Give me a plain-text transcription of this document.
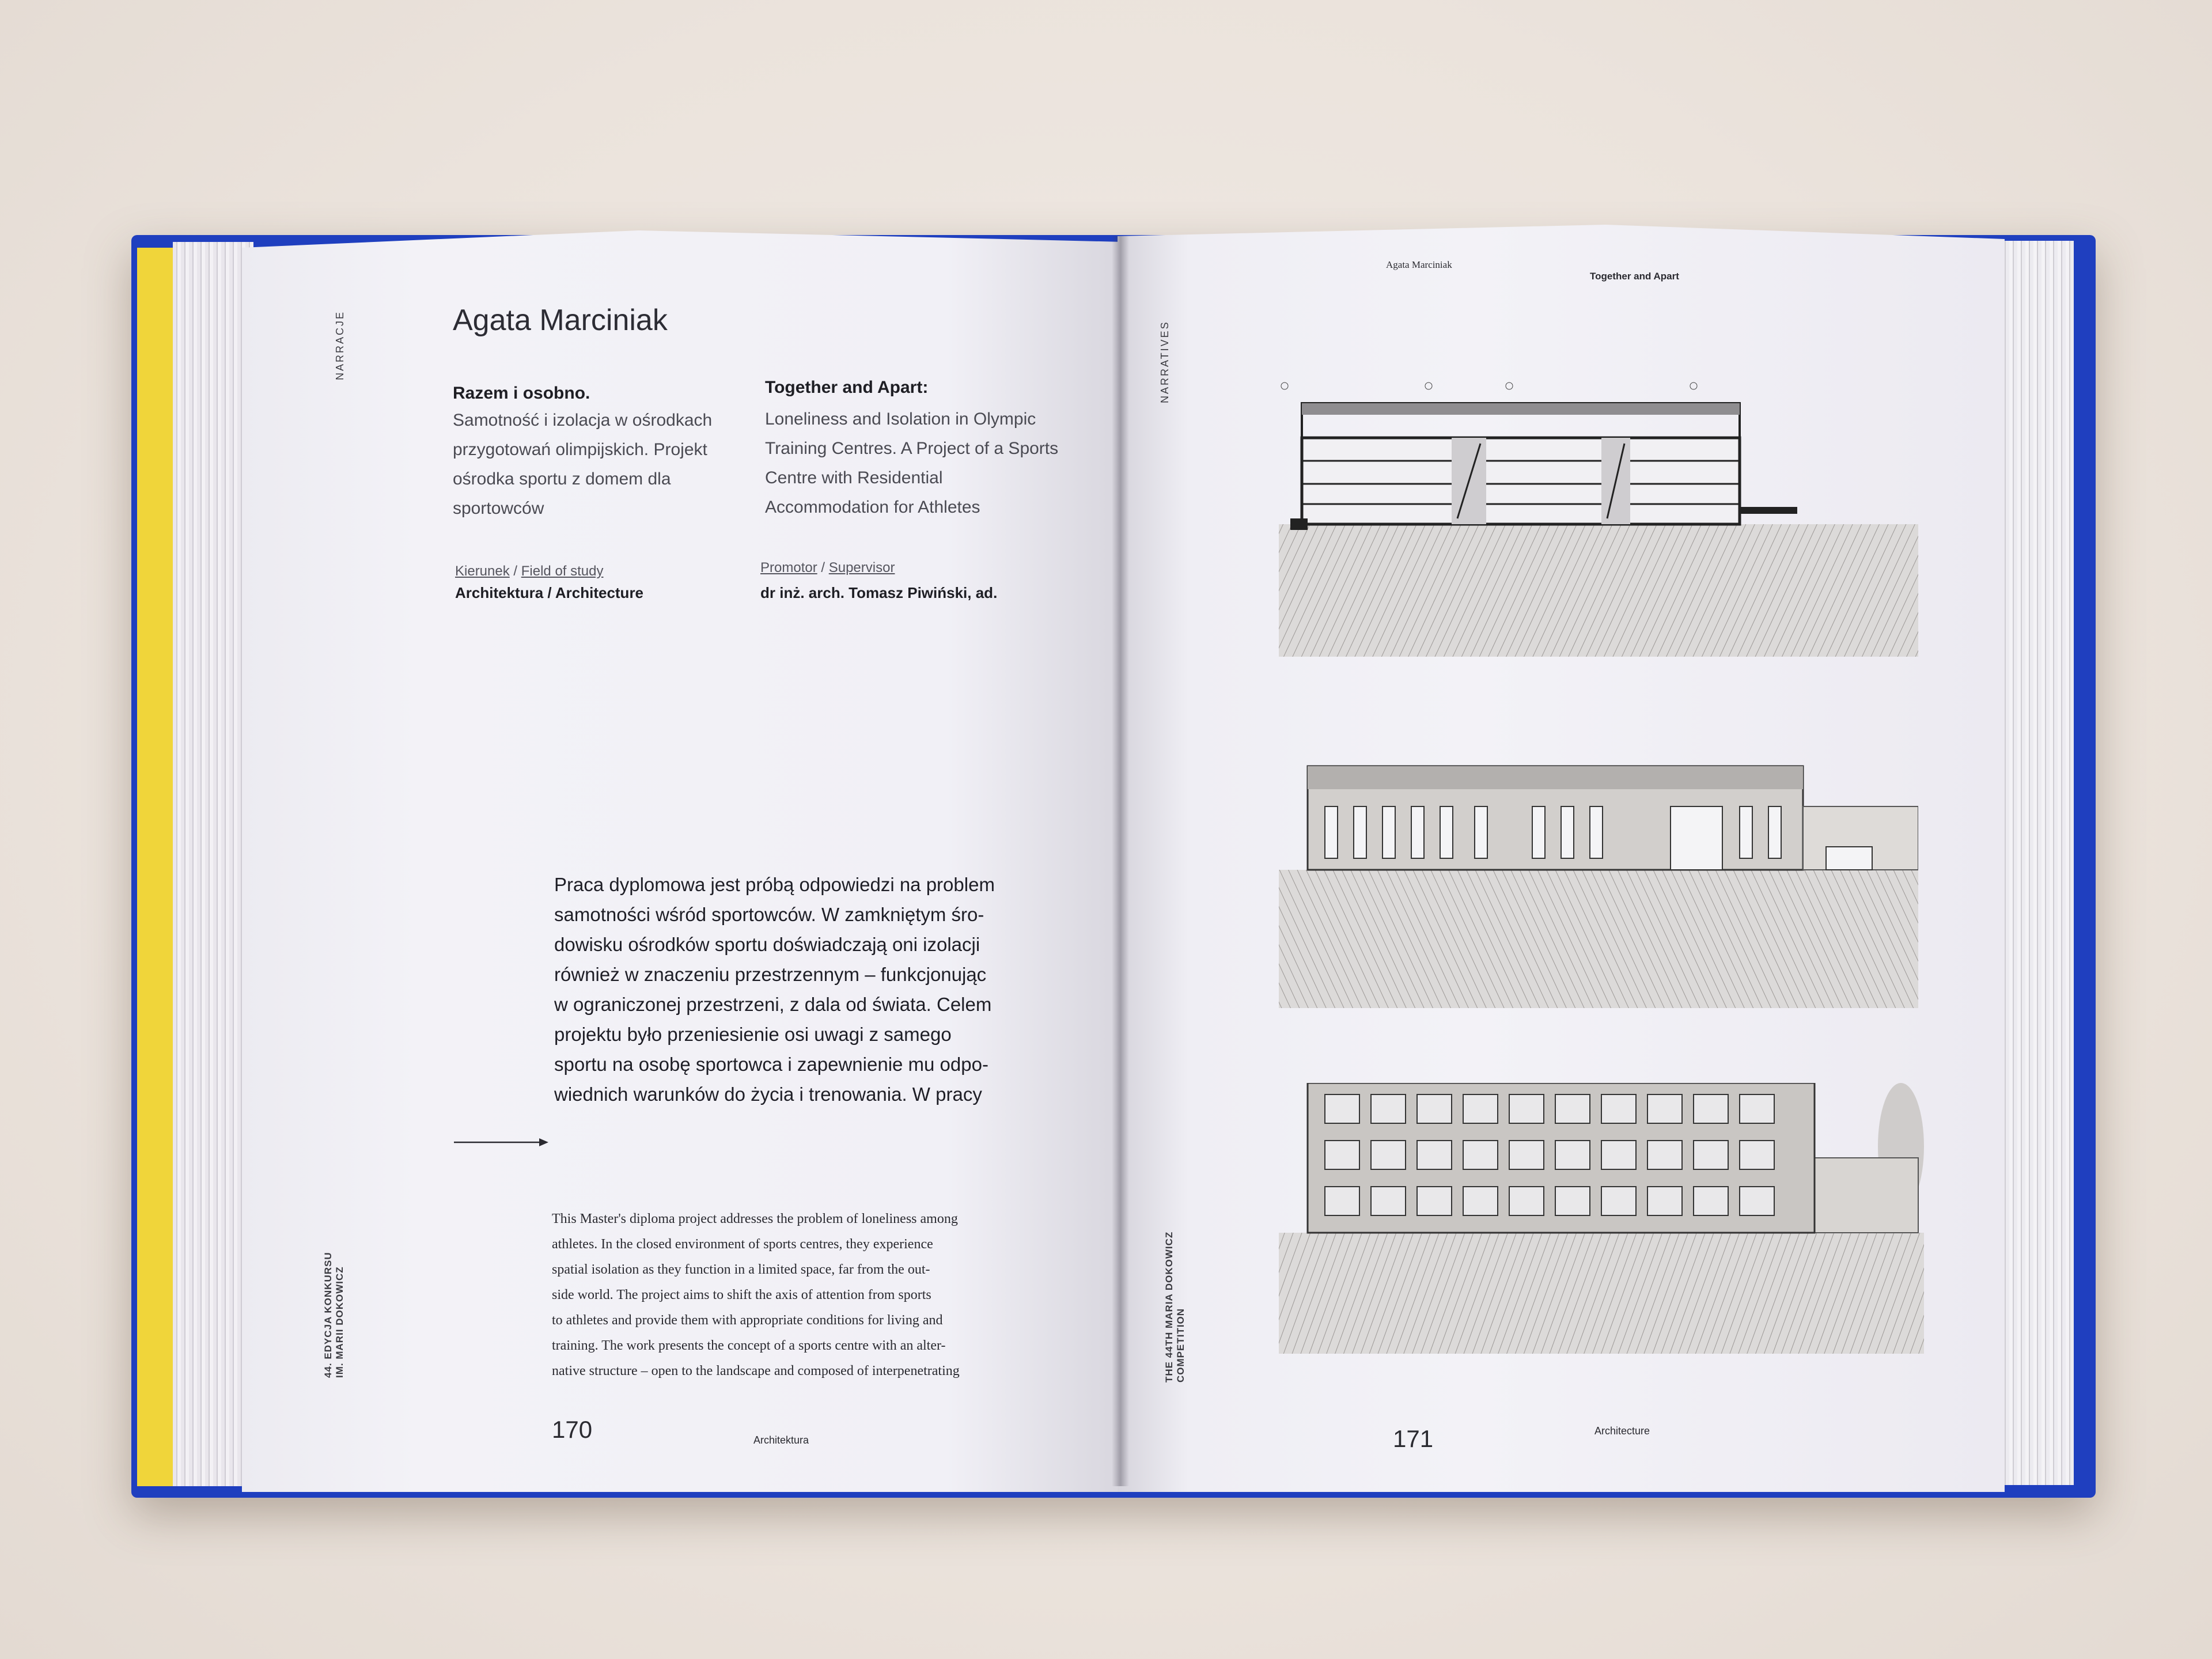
NARRACJE	Agata Marciniak
Razem i osobno.
Samotność i izolacja w ośrodkach przygotowań olimpijskich. Projekt ośrodka sportu z domem dla sportowców
Together and Apart:
Loneliness and Isolation in Olympic Training Centres. A Project of a Sports Centre with Residential Accommodation for Athletes
Kierunek / Field of study
Architektura / Architecture
Promotor / Supervisor
dr inż. arch. Tomasz Piwiński, ad.
Praca dyplomowa jest próbą odpowiedzi na problem
samotności wśród sportowców. W zamkniętym śro-
dowisku ośrodków sportu doświadczają oni izolacji
również w znaczeniu przestrzennym – funkcjonując
w ograniczonej przestrzeni, z dala od świata. Celem
projektu było przeniesienie osi uwagi z samego
sportu na osobę sportowca i zapewnienie mu odpo-
wiednich warunków do życia i trenowania. W pracy
This Master's diploma project addresses the problem of loneliness among
athletes. In the closed environment of sports centres, they experience
spatial isolation as they function in a limited space, far from the out-
side world. The project aims to shift the axis of attention from sports
to athletes and provide them with appropriate conditions for living and
training. The work presents the concept of a sports centre with an alter-
native structure – open to the landscape and composed of interpenetrating
44. EDYCJA KONKURSU IM. MARII DOKOWICZ
170	Architektura
Agata Marciniak
Together and Apart
NARRATIVES
THE 44TH MARIA DOKOWICZ COMPETITION
171	Architecture
